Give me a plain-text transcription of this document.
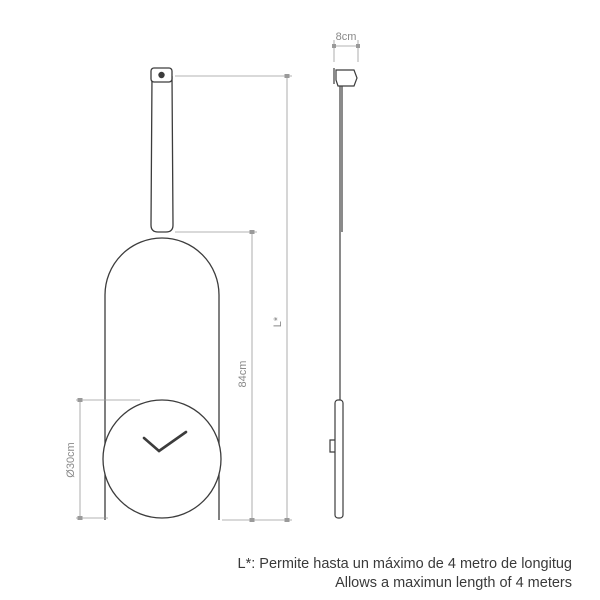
L*
84cm
Ø30cm
8cm
L*: Permite hasta un máximo de 4 metro de longitug
Allows a maximun length of 4 meters
